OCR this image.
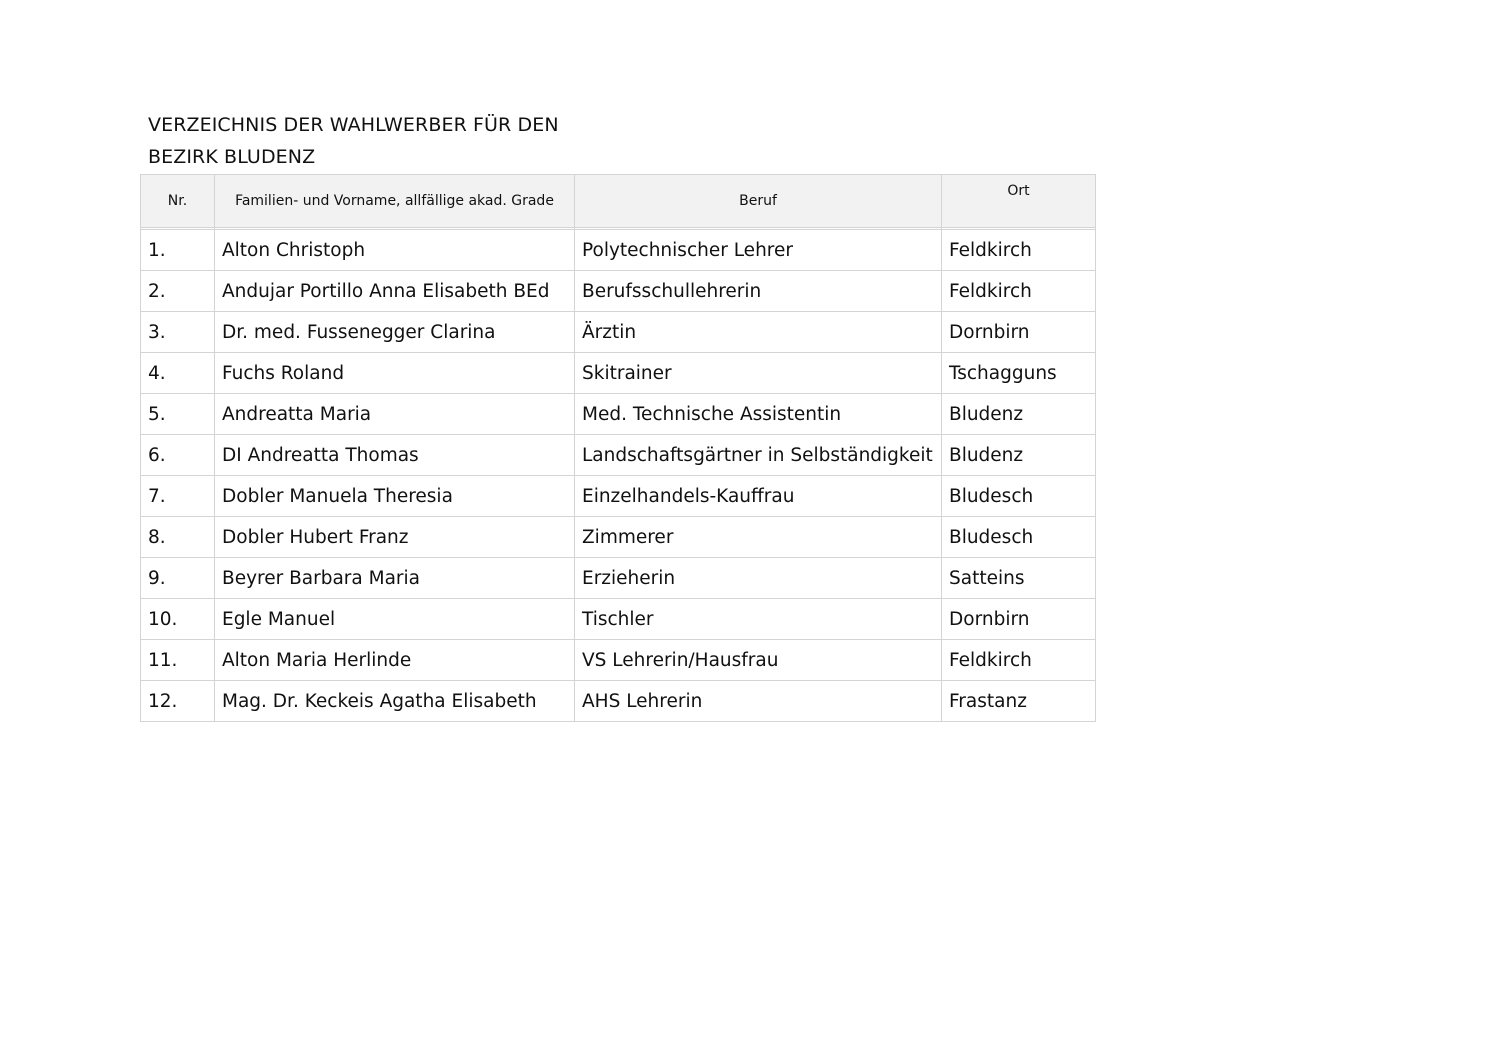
VERZEICHNIS DER WAHLWERBER FÜR DEN
BEZIRK BLUDENZ
Nr.	Familien- und Vorname, allfällige akad. Grade	Beruf	Ort

1.	Alton Christoph	Polytechnischer Lehrer	Feldkirch
2.	Andujar Portillo Anna Elisabeth BEd	Berufsschullehrerin	Feldkirch
3.	Dr. med. Fussenegger Clarina	Ärztin	Dornbirn
4.	Fuchs Roland	Skitrainer	Tschagguns
5.	Andreatta Maria	Med. Technische Assistentin	Bludenz
6.	DI Andreatta Thomas	Landschaftsgärtner in Selbständigkeit	Bludenz
7.	Dobler Manuela Theresia	Einzelhandels-Kauffrau	Bludesch
8.	Dobler Hubert Franz	Zimmerer	Bludesch
9.	Beyrer Barbara Maria	Erzieherin	Satteins
10.	Egle Manuel	Tischler	Dornbirn
11.	Alton Maria Herlinde	VS Lehrerin/Hausfrau	Feldkirch
12.	Mag. Dr. Keckeis Agatha Elisabeth	AHS Lehrerin	Frastanz
